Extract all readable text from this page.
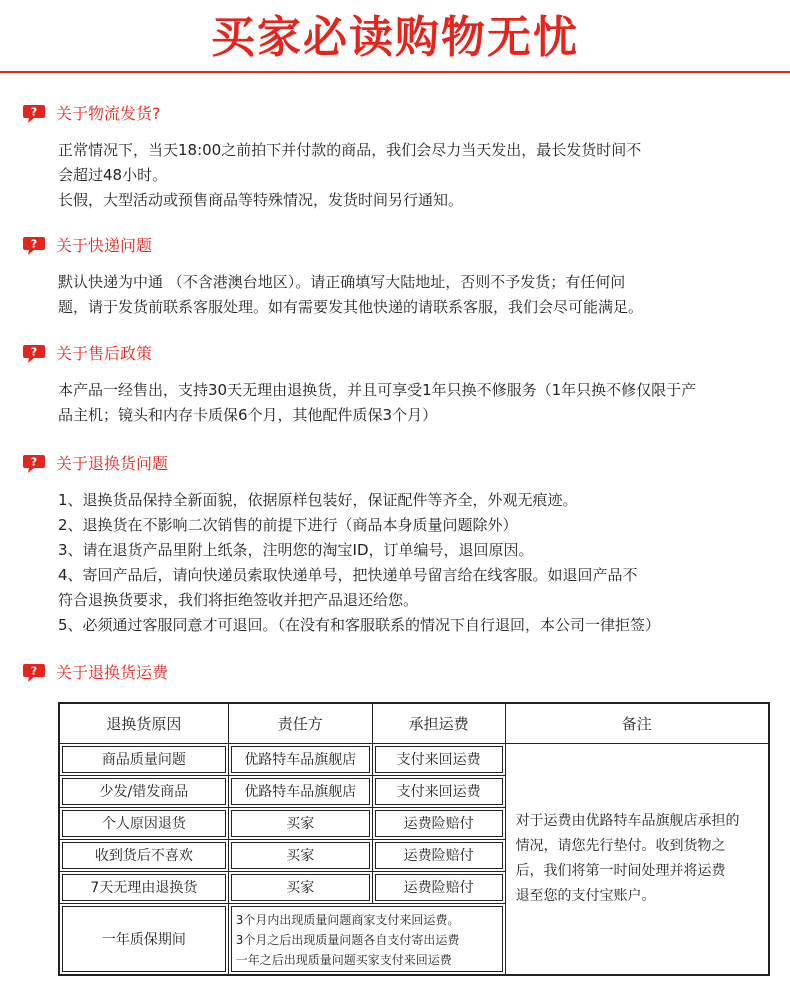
买家必读购物无忧
? 关于物流发货?

正常情况下，当天18:00之前拍下并付款的商品，我们会尽力当天发出，最长发货时间不

会超过48小时。

长假，大型活动或预售商品等特殊情况，发货时间另行通知。

? 关于快递问题

默认快递为中通 （不含港澳台地区）。请正确填写大陆地址，否则不予发货；有任何问

题，请于发货前联系客服处理。如有需要发其他快递的请联系客服，我们会尽可能满足。

? 关于售后政策

本产品一经售出，支持30天无理由退换货，并且可享受1年只换不修服务（1年只换不修仅限于产

品主机；镜头和内存卡质保6个月，其他配件质保3个月）

? 关于退换货问题

1、退换货品保持全新面貌，依据原样包装好，保证配件等齐全，外观无痕迹。

2、退换货在不影响二次销售的前提下进行（商品本身质量问题除外）

3、请在退货产品里附上纸条，注明您的淘宝ID，订单编号，退回原因。

4、寄回产品后，请向快递员索取快递单号，把快递单号留言给在线客服。如退回产品不

符合退换货要求，我们将拒绝签收并把产品退还给您。

5、必须通过客服同意才可退回。（在没有和客服联系的情况下自行退回，本公司一律拒签）

? 关于退换货运费
退换货原因	责任方	承担运费	备注

商品质量问题	优路特车品旗舰店	支付来回运费	对于运费由优路特车品旗舰店承担的

情况，请您先行垫付。收到货物之

后，我们将第一时间处理并将运费

退至您的支付宝账户。

少发/错发商品	优路特车品旗舰店	支付来回运费	

个人原因退货	买家	运费险赔付	

收到货后不喜欢	买家	运费险赔付	

7天无理由退换货	买家	运费险赔付	

一年质保期间	3个月内出现质量问题商家支付来回运费。

3个月之后出现质量问题各自支付寄出运费

一年之后出现质量问题买家支付来回运费		
